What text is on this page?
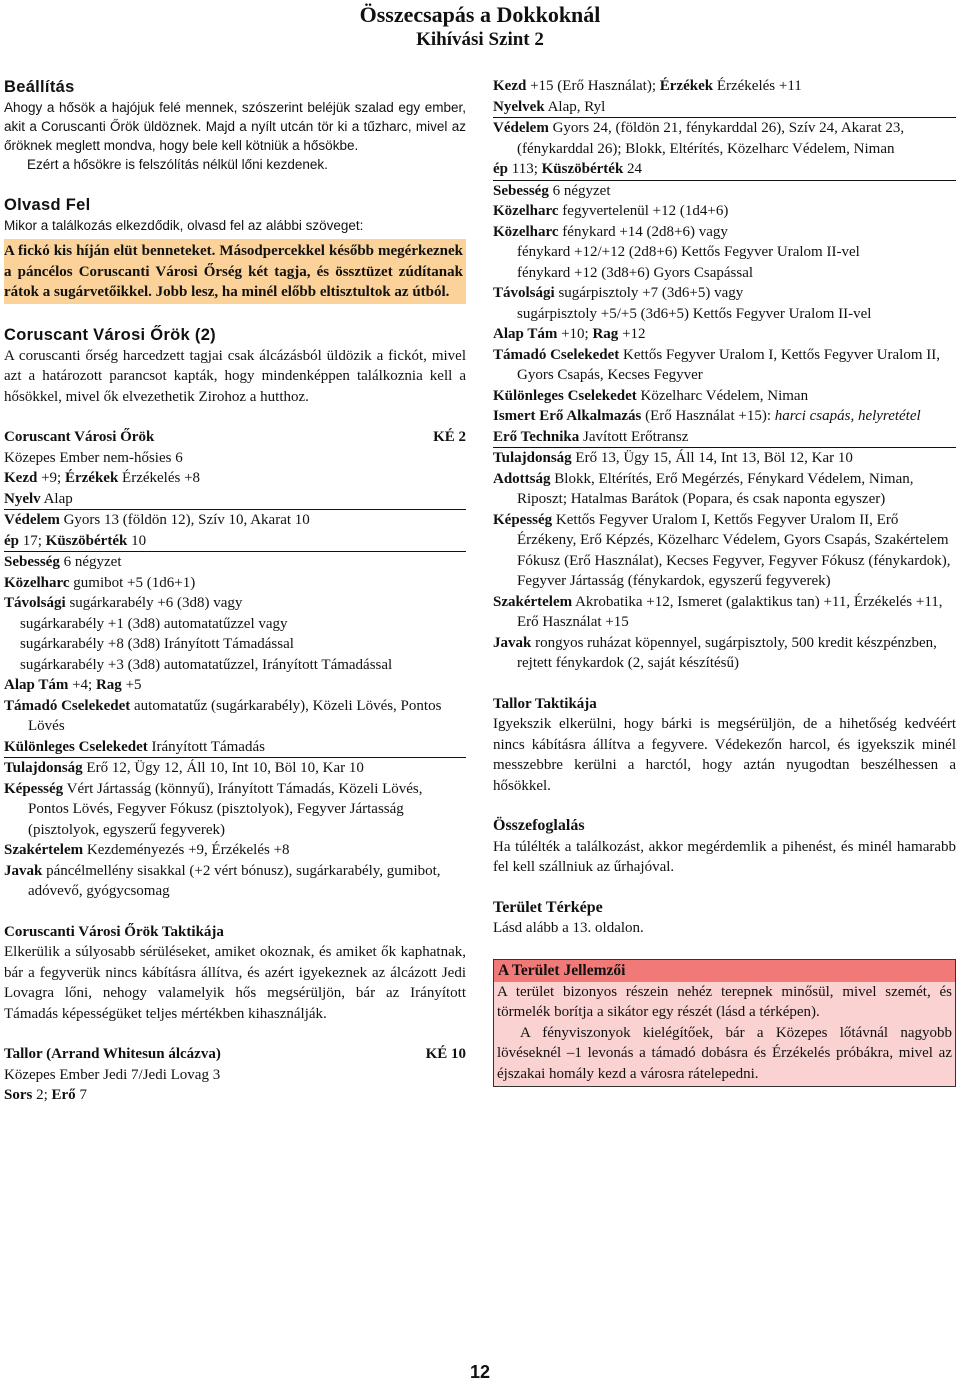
Összecsapás a Dokkoknál
Kihívási Szint 2
Beállítás

Ahogy a hősök a hajójuk felé mennek, szószerint beléjük szalad egy ember, akit a Coruscanti Őrök üldöznek. Majd a nyílt utcán tör ki a tűzharc, mivel az őröknek meglett mondva, hogy bele kell kötniük a hősökbe.

Ezért a hősökre is felszólítás nélkül lőni kezdenek.

Olvasd Fel

Mikor a találkozás elkezdődik, olvasd fel az alábbi szöveget:

A fickó kis híján elüt benneteket. Másodpercekkel később megérkeznek a páncélos Coruscanti Városi Őrség két tagja, és össztüzet zúdítanak rátok a sugárvetőikkel. Jobb lesz, ha minél előbb eltisztultok az útból.
Coruscant Városi Őrök (2)

A coruscanti őrség harcedzett tagjai csak álcázásból üldözik a fickót, mivel azt a határozott parancsot kapták, hogy mindenképpen találkoznia kell a hősökkel, mivel ők elvezethetik Zirohoz a hutthoz.

Coruscant Városi Őrök	KÉ 2
Közepes Ember nem-hősies 6
Kezd +9; Érzékek Érzékelés +8
Nyelv Alap
Védelem Gyors 13 (földön 12), Szív 10, Akarat 10
ép 17; Küszöbérték 10
Sebesség 6 négyzet
Közelharc gumibot +5 (1d6+1)
Távolsági sugárkarabély +6 (3d8) vagy
sugárkarabély +1 (3d8) automatatűzzel vagy
sugárkarabély +8 (3d8) Irányított Támadással
sugárkarabély +3 (3d8) automatatűzzel, Irányított Támadással
Alap Tám +4; Rag +5
Támadó Cselekedet automatatűz (sugárkarabély), Közeli Lövés, Pontos Lövés
Különleges Cselekedet Irányított Támadás
Tulajdonság Erő 12, Ügy 12, Áll 10, Int 10, Böl 10, Kar 10
Képesség Vért Jártasság (könnyű), Irányított Támadás, Közeli Lövés, Pontos Lövés, Fegyver Fókusz (pisztolyok), Fegyver Jártasság (pisztolyok, egyszerű fegyverek)
Szakértelem Kezdeményezés +9, Érzékelés +8
Javak páncélmellény sisakkal (+2 vért bónusz), sugárkarabély, gumibot, adóvevő, gyógycsomag
Coruscanti Városi Őrök Taktikája

Elkerülik a súlyosabb sérüléseket, amiket okoznak, és amiket ők kaphatnak, bár a fegyverük nincs kábításra állítva, és azért igyekeznek az álcázott Jedi Lovagra lőni, nehogy valamelyik hős megsérüljön, bár az Irányított Támadás képességüket teljes mértékben kihasználják.

Tallor (Arrand Whitesun álcázva)	KÉ 10
Közepes Ember Jedi 7/Jedi Lovag 3
Sors 2; Erő 7
Kezd +15 (Erő Használat); Érzékek Érzékelés +11
Nyelvek Alap, Ryl
Védelem Gyors 24, (földön 21, fénykarddal 26), Szív 24, Akarat 23, (fénykarddal 26); Blokk, Eltérítés, Közelharc Védelem, Niman
ép 113; Küszöbérték 24
Sebesség 6 négyzet
Közelharc fegyvertelenül +12 (1d4+6)
Közelharc fénykard +14 (2d8+6) vagy
fénykard +12/+12 (2d8+6) Kettős Fegyver Uralom II-vel
fénykard +12 (3d8+6) Gyors Csapással
Távolsági sugárpisztoly +7 (3d6+5) vagy
sugárpisztoly +5/+5 (3d6+5) Kettős Fegyver Uralom II-vel
Alap Tám +10; Rag +12
Támadó Cselekedet Kettős Fegyver Uralom I, Kettős Fegyver Uralom II, Gyors Csapás, Kecses Fegyver
Különleges Cselekedet Közelharc Védelem, Niman
Ismert Erő Alkalmazás (Erő Használat +15): harci csapás, helyretétel
Erő Technika Javított Erőtransz
Tulajdonság Erő 13, Ügy 15, Áll 14, Int 13, Böl 12, Kar 10
Adottság Blokk, Eltérítés, Erő Megérzés, Fénykard Védelem, Niman, Riposzt; Hatalmas Barátok (Popara, és csak naponta egyszer)
Képesség Kettős Fegyver Uralom I, Kettős Fegyver Uralom II, Erő Érzékeny, Erő Képzés, Közelharc Védelem, Gyors Csapás, Szakértelem Fókusz (Erő Használat), Kecses Fegyver, Fegyver Fókusz (fénykardok), Fegyver Jártasság (fénykardok, egyszerű fegyverek)
Szakértelem Akrobatika +12, Ismeret (galaktikus tan) +11, Érzékelés +11, Erő Használat +15
Javak rongyos ruházat köpennyel, sugárpisztoly, 500 kredit készpénzben, rejtett fénykardok (2, saját készítésű)
Tallor Taktikája

Igyekszik elkerülni, hogy bárki is megsérüljön, de a hihetőség kedvéért nincs kábításra állítva a fegyvere. Védekezőn harcol, és igyekszik minél messzebbre kerülni a harctól, hogy aztán nyugodtan beszélhessen a hősökkel.

Összefoglalás

Ha túlélték a találkozást, akkor megérdemlik a pihenést, és minél hamarabb fel kell szállniuk az űrhajóval.

Terület Térképe

Lásd alább a 13. oldalon.

A Terület Jellemzői

A terület bizonyos részein nehéz terepnek minősül, mivel szemét, és törmelék borítja a sikátor egy részét (lásd a térképen).

A fényviszonyok kielégítőek, bár a Közepes lőtávnál nagyobb lövéseknél –1 levonás a támadó dobásra és Érzékelés próbákra, mivel az éjszakai homály kezd a városra rátelepedni.

12
